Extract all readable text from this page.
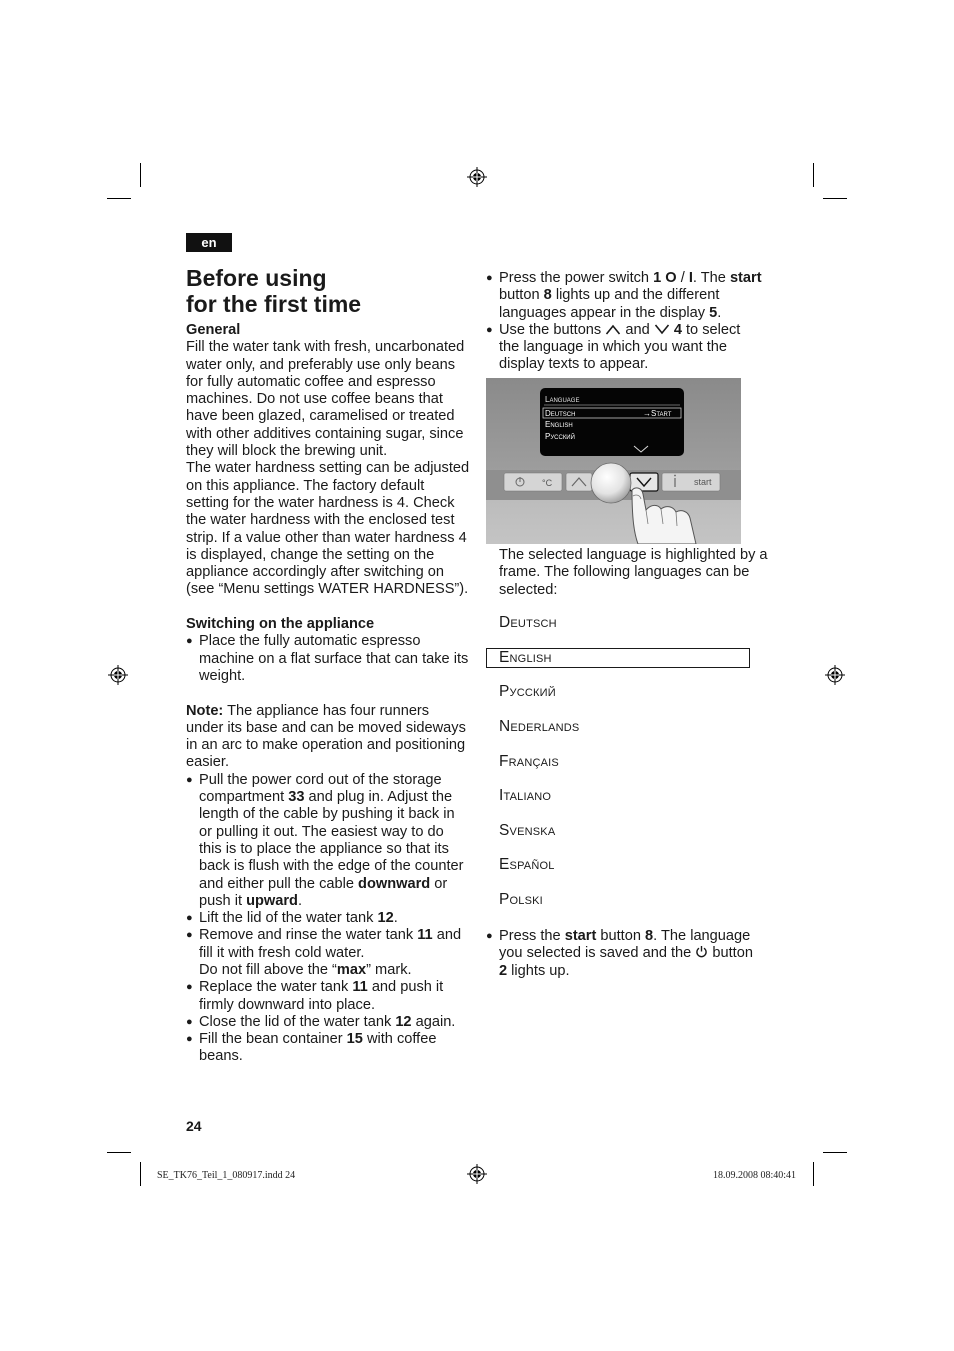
en
Before using
for the first time

General

Fill the water tank with fresh, uncarbonated water only, and preferably use only beans for fully automatic coffee and espresso machines. Do not use coffee beans that have been glazed, caramelised or treated with other additives containing sugar, since they will block the brewing unit.

The water hardness setting can be adjusted on this appliance. The factory default setting for the water hardness is 4. Check the water hardness with the enclosed test strip. If a value other than water hardness 4 is displayed, change the setting on the appliance accordingly after switching on (see “Menu settings WATER HARDNESS”).

Switching on the appliance

● Place the fully automatic espresso machine on a flat surface that can take its weight.

Note: The appliance has four runners under its base and can be moved sideways in an arc to make operation and positioning easier.

● Pull the power cord out of the storage compartment 33 and plug in. Adjust the length of the cable by pushing it back in or pulling it out. The easiest way to do this is to place the appliance so that its back is flush with the edge of the counter and either pull the cable downward or push it upward.
● Lift the lid of the water tank 12.
● Remove and rinse the water tank 11 and fill it with fresh cold water.
Do not fill above the “max” mark.
● Replace the water tank 11 and push it firmly downward into place.
● Close the lid of the water tank 12 again.
● Fill the bean container 15 with coffee beans.
● Press the power switch 1 O / I. The start button 8 lights up and the different languages appear in the display 5.
● Use the buttons  and  4 to select the language in which you want the display texts to appear.
Language
Deutsch	→Start
English
Pусский
°C	start

The selected language is highlighted by a frame. The following languages can be selected:

Deutsch
English
Pусский
Nederlands
Français
Italiano
Svenska
Español
Polski
● Press the start button 8. The language you selected is saved and the  button 2 lights up.
24
SE_TK76_Teil_1_080917.indd 24	18.09.2008 08:40:41
